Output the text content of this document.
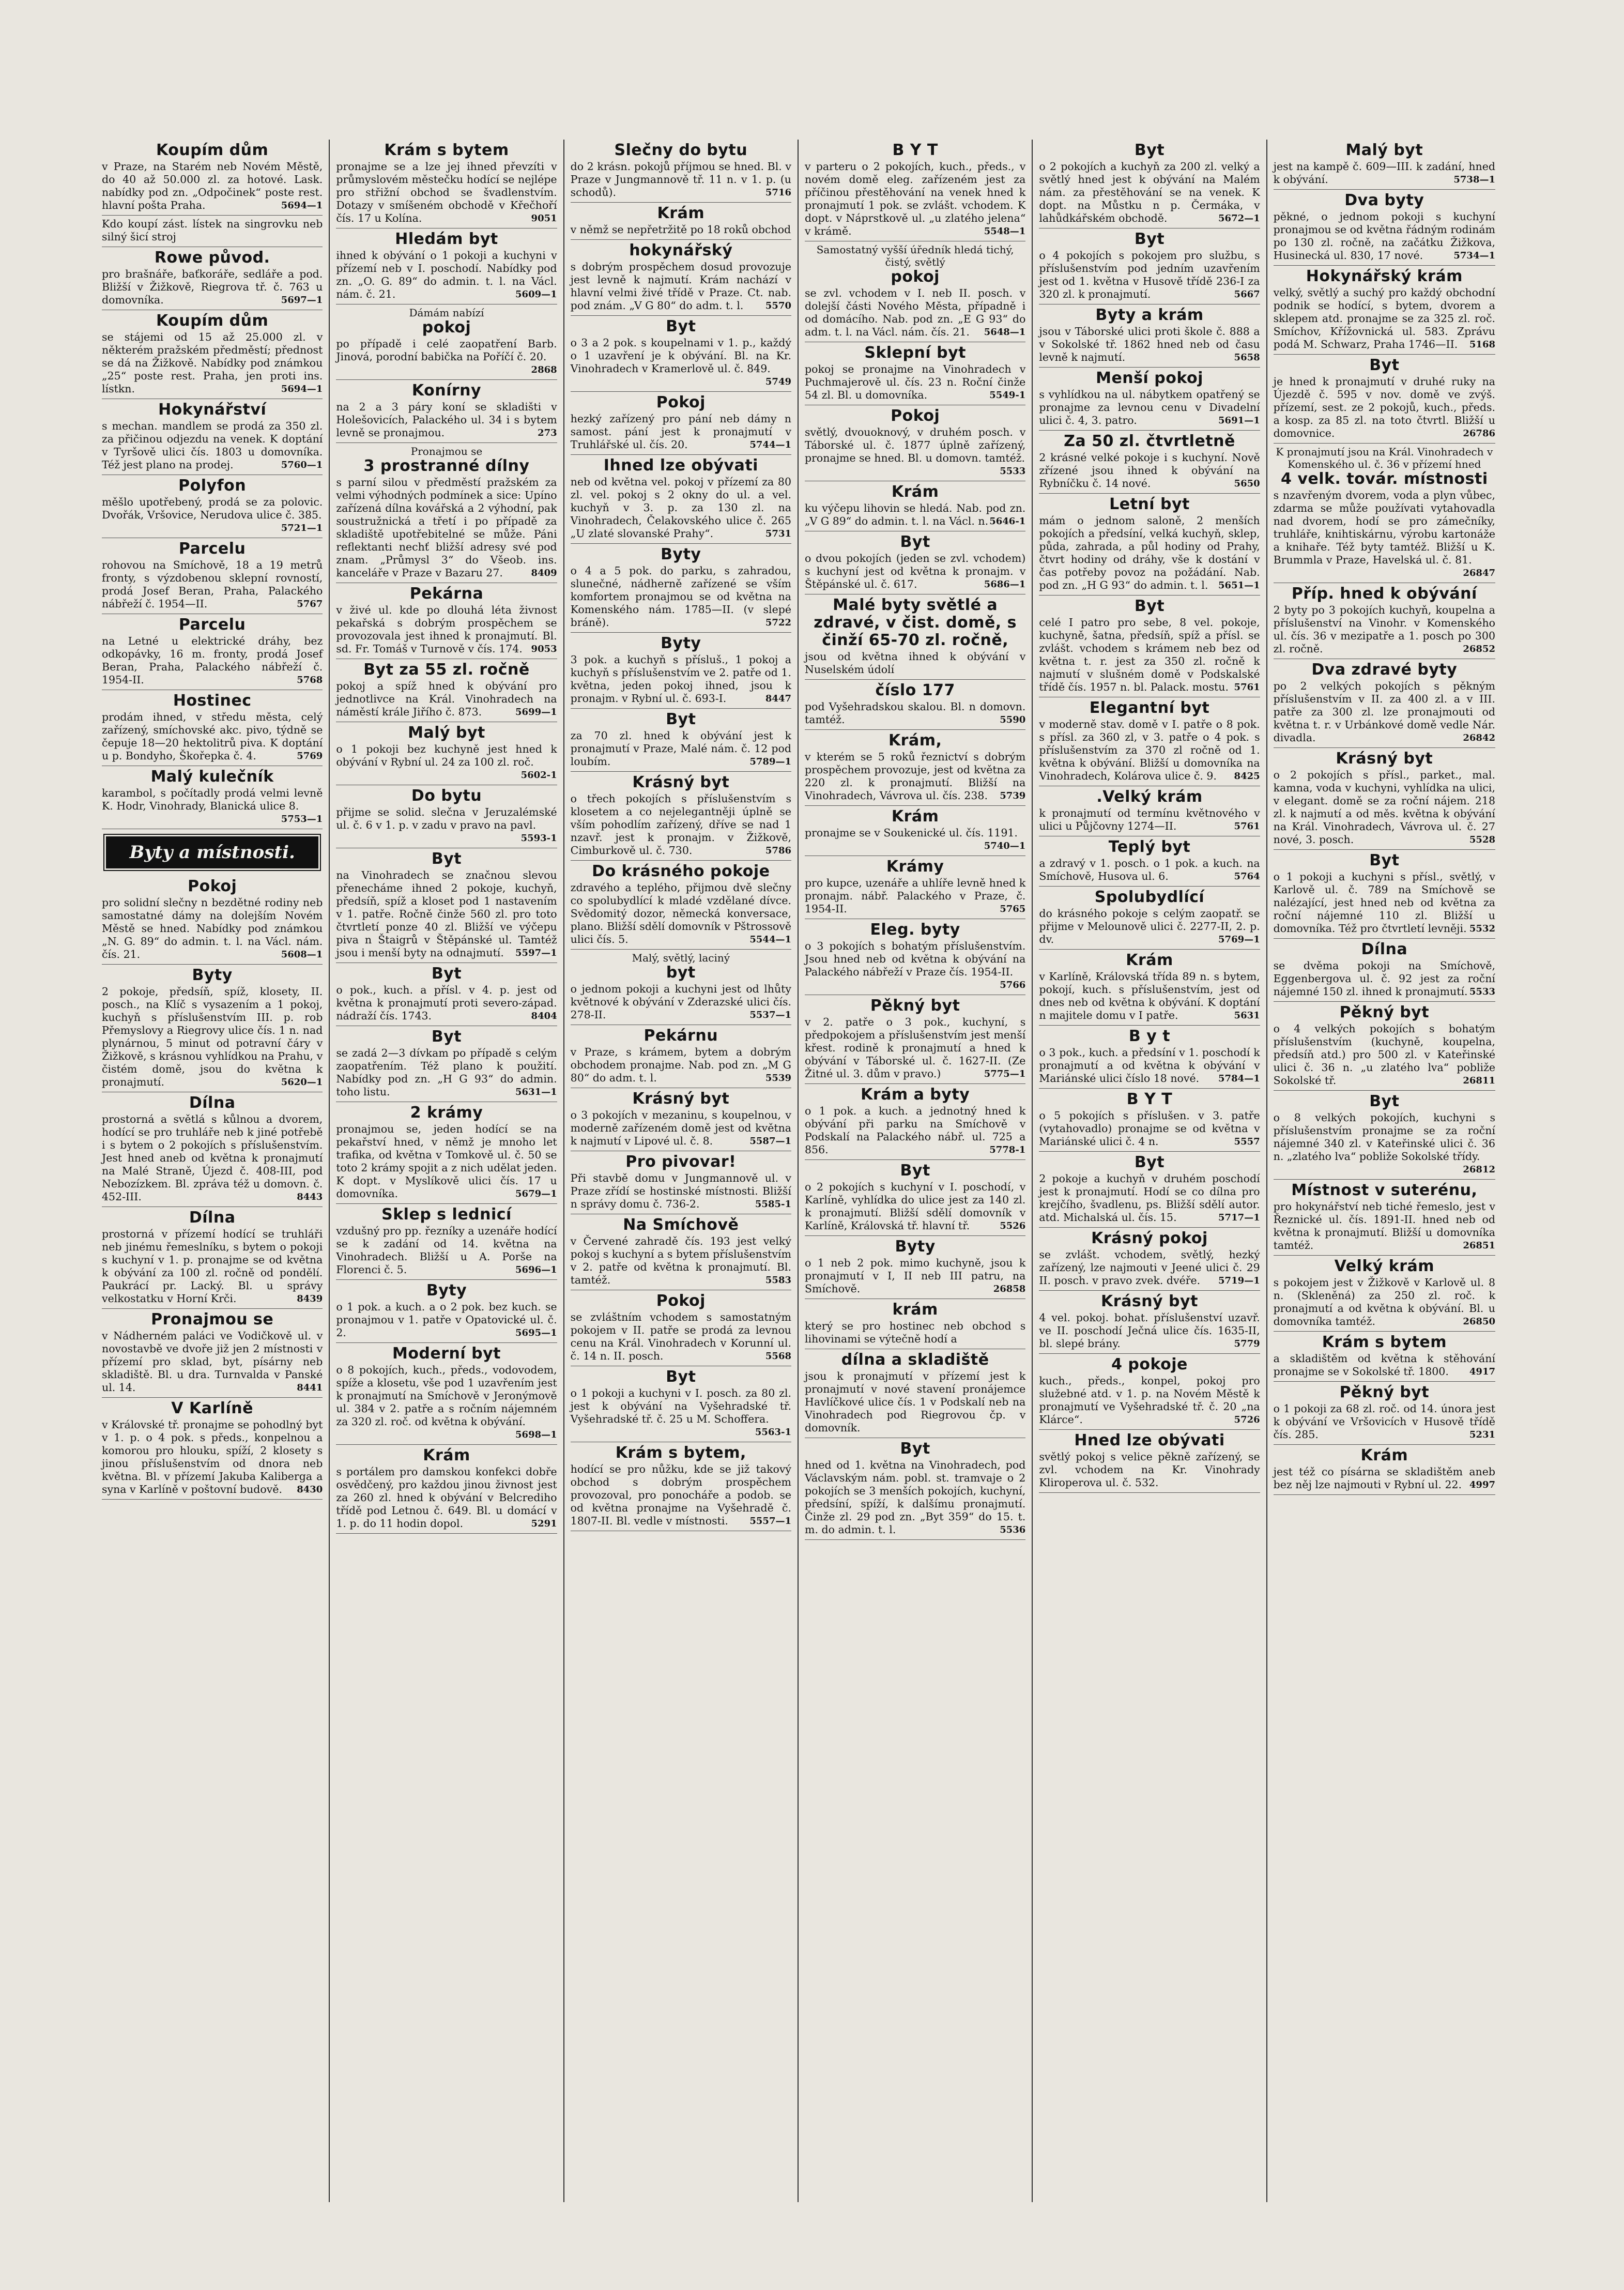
Koupím dům

v Praze, na Starém neb Novém Městě, do 40 až 50.000 zl. za hotové. Lask. nabídky pod zn. „Odpočinek“ poste rest. hlavní pošta Praha.	5694—1

Kdo koupí zást. lístek na singrovku neb silný šicí stroj

Rowe původ.

pro brašnáře, baťkoráře, sedláře a pod. Bližší v Žižkově, Riegrova tř. č. 763 u domovníka.	5697—1

Koupím dům

se stájemi od 15 až 25.000 zl. v některém pražském předměstí; přednost se dá na Žižkově. Nabídky pod známkou „25“ poste rest. Praha, jen proti ins. lístkn.	5694—1

Hokynářství

s mechan. mandlem se prodá za 350 zl. za přičinou odjezdu na venek. K doptání v Tyršově ulici čís. 1803 u domovníka. Též jest plano na prodej.	5760—1

Polyfon

měšlo upotřebený, prodá se za polovic. Dvořák, Vršovice, Nerudova ulice č. 385.
5721—1

Parcelu

rohovou na Smíchově, 18 a 19 metrů fronty, s výzdobenou sklepní rovností, prodá Josef Beran, Praha, Palackého nábřeží č. 1954—II.	5767

Parcelu

na Letné u elektrické dráhy, bez odkopávky, 16 m. fronty, prodá Josef Beran, Praha, Palackého nábřeží č. 1954-II.	5768

Hostinec

prodám ihned, v středu města, celý zařízený, smíchovské akc. pivo, týdně se čepuje 18—20 hektolitrů piva. K doptání u p. Bondyho, Škořepka č. 4.	5769

Malý kulečník

karambol, s počítadly prodá velmi levně K. Hodr, Vinohrady, Blanická ulice 8.
5753—1

Byty a místnosti.
Pokoj

pro solidní slečny n bezdětné rodiny neb samostatné dámy na dolejším Novém Městě se hned. Nabídky pod známkou „N. G. 89“ do admin. t. l. na Václ. nám. čís. 21.	5608—1

Byty

2 pokoje, předsíň, spíž, klosety, II. posch., na Klíč s vysazením a 1 pokoj, kuchyň s příslušenstvím III. p. rob Přemyslovy a Riegrovy ulice čís. 1 n. nad plynárnou, 5 minut od potravní čáry v Žižkově, s krásnou vyhlídkou na Prahu, v čistém domě, jsou do května k pronajmutí.	5620—1

Dílna

prostorná a světlá s kůlnou a dvorem, hodící se pro truhláře neb k jiné potřebě i s bytem o 2 pokojích s příslušenstvím. Jest hned aneb od května k pronajmutí na Malé Straně, Újezd č. 408-III, pod Nebozízkem. Bl. zpráva též u domovn. č. 452-III.	8443

Dílna

prostorná v přízemí hodící se truhláři neb jinému řemeslníku, s bytem o pokoji s kuchyní v 1. p. pronajme se od května k obývání za 100 zl. ročně od pondělí. Paukrácí pr. Lacký. Bl. u správy velkostatku v Horní Krči.	8439

Pronajmou se

v Nádherném paláci ve Vodičkově ul. v novostavbě ve dvoře již jen 2 místnosti v přízemí pro sklad, byt, písárny neb skladiště. Bl. u dra. Turnvalda v Panské ul. 14.	8441

V Karlíně

v Královské tř. pronajme se pohodlný byt v 1. p. o 4 pok. s předs., konpelnou a komorou pro hlouku, spíží, 2 klosety s jinou příslušenstvím od dnora neb května. Bl. v přízemí Jakuba Kaliberga a syna v Karlíně v poštovní budově. 8430

Krám s bytem

pronajme se a lze jej ihned převzíti v průmyslovém městečku hodící se nejlépe pro střižní obchod se švadlenstvím. Dotazy v smíšeném obchodě v Křečhoří čís. 17 u Kolína.	9051

Hledám byt

ihned k obývání o 1 pokoji a kuchyni v přízemí neb v I. poschodí. Nabídky pod zn. „O. G. 89“ do admin. t. l. na Václ. nám. č. 21.	5609—1

Dámám nabízí

pokoj

po případě i celé zaopatření Barb. Jinová, porodní babička na Poříčí č. 20.
2868

Konírny

na 2 a 3 páry koní se skladišti v Holešovicích, Palackého ul. 34 i s bytem levně se pronajmou.	273

Pronajmou se

3 prostranné dílny

s parní silou v předměstí pražském za velmi výhodných podmínek a sice: Upíno zařízená dílna kovářská a 2 výhodní, pak soustružnická a třetí i po případě za skladiště upotřebitelné se může. Páni reflektanti nechť bližší adresy své pod znam. „Průmysl 3“ do Všeob. ins. kanceláře v Praze v Bazaru 27.	8409

Pekárna

v živé ul. kde po dlouhá léta živnost pekařská s dobrým prospěchem se provozovala jest ihned k pronajmutí. Bl. sd. Fr. Tomáš v Turnově v čís. 174. 9053

Byt za 55 zl. ročně

pokoj a spíž hned k obývání pro jednotlivce na Král. Vinohradech na náměstí krále Jiřího č. 873.	5699—1

Malý byt

o 1 pokoji bez kuchyně jest hned k obývání v Rybní ul. 24 za 100 zl. roč.
5602-1

Do bytu

přijme se solid. slečna v Jeruzalémské ul. č. 6 v 1. p. v zadu v pravo na pavl.
5593-1

Byt

na Vinohradech se značnou slevou přenecháme ihned 2 pokoje, kuchyň, předsíň, spíž a kloset pod 1 nastavením v 1. patře. Ročně činže 560 zl. pro toto čtvrtletí ponze 40 zl. Bližší ve výčepu piva n Štaigrů v Štěpánské ul. Tamtéž jsou i menší byty na odnajmutí. 5597—1

Byt

o pok., kuch. a přísl. v 4. p. jest od května k pronajmutí proti severo-západ. nádraží čís. 1743.	8404

Byt

se zadá 2—3 dívkam po případě s celým zaopatřením. Též plano k použití. Nabídky pod zn. „H G 93“ do admin. toho listu.	5631—1

2 krámy

pronajmou se, jeden hodící se na pekařství hned, v němž je mnoho let trafika, od května v Tomkově ul. č. 50 se toto 2 krámy spojit a z nich udělat jeden. K dopt. v Myslíkově ulici čís. 17 u domovníka.	5679—1

Sklep s lednicí

vzdušný pro pp. řezníky a uzenáře hodící se k zadání od 14. května na Vinohradech. Bližší u A. Porše na Florenci č. 5.	5696—1

Byty

o 1 pok. a kuch. a o 2 pok. bez kuch. se pronajmou v 1. patře v Opatovické ul. č. 2.	5695—1

Moderní byt

o 8 pokojích, kuch., předs., vodovodem, spíže a klosetu, vše pod 1 uzavřením jest k pronajmutí na Smíchově v Jeronýmově ul. 384 v 2. patře a s ročním nájemném za 320 zl. roč. od května k obývání.
5698—1

Krám

s portálem pro damskou konfekci dobře osvědčený, pro každou jinou živnost jest za 260 zl. hned k obývání v Belcrediho třídě pod Letnou č. 649. Bl. u domácí v 1. p. do 11 hodin dopol.	5291

Slečny do bytu

do 2 krásn. pokojů příjmou se hned. Bl. v Praze v Jungmannově tř. 11 n. v 1. p. (u schodů).	5716

Krám

v němž se nepřetržitě po 18 roků obchod

hokynářský

s dobrým prospěchem dosud provozuje jest levně k najmutí. Krám nachází v hlavní velmi živé třídě v Praze. Ct. nab. pod znám. „V G 80“ do adm. t. l. 5570

Byt

o 3 a 2 pok. s koupelnami v 1. p., každý o 1 uzavření je k obývání. Bl. na Kr. Vinohradech v Kramerlově ul. č. 849.
5749

Pokoj

hezký zařízený pro pání neb dámy n samost. pání jest k pronajmutí v Truhlářské ul. čís. 20.	5744—1

Ihned lze obývati

neb od května vel. pokoj v přízemí za 80 zl. vel. pokoj s 2 okny do ul. a vel. kuchyň v 3. p. za 130 zl. na Vinohradech, Čelakovského ulice č. 265 „U zlaté slovanské Prahy“.	5731

Byty

o 4 a 5 pok. do parku, s zahradou, slunečné, nádherně zařízené se vším komfortem pronajmou se od května na Komenského nám. 1785—II. (v slepé bráně).	5722

Byty

3 pok. a kuchyň s přísluš., 1 pokoj a kuchyň s příslušenstvím ve 2. patře od 1. května, jeden pokoj ihned, jsou k pronajm. v Rybní ul. č. 693-I.	8447

Byt

za 70 zl. hned k obývání jest k pronajmutí v Praze, Malé nám. č. 12 pod loubím.	5789—1

Krásný byt

o třech pokojích s příslušenstvím s klosetem a co nejelegantněji úplně se vším pohodlím zařízený, dříve se nad 1 nzavř. jest k pronajm. v Žižkově, Cimburkově ul. č. 730.	5786

Do krásného pokoje

zdravého a teplého, přijmou dvě slečny co spolubydlící k mladé vzdělané dívce. Svědomitý dozor, německá konversace, plano. Bližší sdělí domovník v Pštrossově ulici čís. 5.	5544—1

Malý, světlý, laciný

byt

o jednom pokoji a kuchyni jest od lhůty květnové k obývání v Zderazské ulici čís. 278-II.	5537—1

Pekárnu

v Praze, s krámem, bytem a dobrým obchodem pronajme. Nab. pod zn. „M G 80“ do adm. t. l.	5539

Krásný byt

o 3 pokojích v mezaninu, s koupelnou, v moderně zařízeném domě jest od května k najmutí v Lipové ul. č. 8.	5587—1

Pro pivovar!

Při stavbě domu v Jungmannově ul. v Praze zřídí se hostinské místnosti. Bližší n správy domu č. 736-2.	5585-1

Na Smíchově

v Červené zahradě čís. 193 jest velký pokoj s kuchyní a s bytem příslušenstvím v 2. patře od května k pronajmutí. Bl. tamtéž.	5583

Pokoj

se zvláštním vchodem s samostatným pokojem v II. patře se prodá za levnou cenu na Král. Vinohradech v Korunní ul. č. 14 n. II. posch.	5568

Byt

o 1 pokoji a kuchyni v I. posch. za 80 zl. jest k obývání na Vyšehradské tř. Vyšehradské tř. č. 25 u M. Schoffera.
5563-1

Krám s bytem,

hodící se pro nůžku, kde se již takový obchod s dobrým prospěchem provozoval, pro ponocháře a podob. se od května pronajme na Vyšehradě č. 1807-II. Bl. vedle v místnosti. 5557—1

B Y T

v parteru o 2 pokojích, kuch., předs., v novém domě eleg. zařízeném jest za příčinou přestěhování na venek hned k pronajmutí 1 pok. se zvlášt. vchodem. K dopt. v Náprstkově ul. „u zlatého jelena“ v krámě.	5548—1

Samostatný vyšší úředník hledá tichý, čistý, světlý

pokoj

se zvl. vchodem v I. neb II. posch. v dolejší části Nového Města, případně i od domácího. Nab. pod zn. „E G 93“ do adm. t. l. na Václ. nám. čís. 21. 5648—1

Sklepní byt

pokoj se pronajme na Vinohradech v Puchmajerově ul. čís. 23 n. Roční činže 54 zl. Bl. u domovníka.	5549-1

Pokoj

světlý, dvouoknový, v druhém posch. v Táborské ul. č. 1877 úplně zařízený, pronajme se hned. Bl. u domovn. tamtéž.
5533

Krám

ku výčepu lihovin se hledá. Nab. pod zn. „V G 89“ do admin. t. l. na Václ. n. 5646-1

Byt

o dvou pokojích (jeden se zvl. vchodem) s kuchyní jest od května k pronajm. v Štěpánské ul. č. 617.	5686—1

Malé byty světlé a zdravé, v čist. domě, s činží 65-70 zl. ročně,

jsou od května ihned k obývání v Nuselském údolí

číslo 177

pod Vyšehradskou skalou. Bl. n domovn. tamtéž.	5590

Krám,

v kterém se 5 roků řeznictví s dobrým prospěchem provozuje, jest od května za 220 zl. k pronajmutí. Bližší na Vinohradech, Vávrova ul. čís. 238. 5739

Krám

pronajme se v Soukenické ul. čís. 1191.
5740—1

Krámy

pro kupce, uzenáře a uhlíře levně hned k pronajm. nábř. Palackého v Praze, č. 1954-II.	5765

Eleg. byty

o 3 pokojích s bohatým příslušenstvím. Jsou hned neb od května k obývání na Palackého nábřeží v Praze čís. 1954-II.
5766

Pěkný byt

v 2. patře o 3 pok., kuchyní, s předpokojem a příslušenstvím jest menší křest. rodině k pronajmutí a hned k obývání v Táborské ul. č. 1627-II. (Ze Žitné ul. 3. dům v pravo.)	5775—1

Krám a byty

o 1 pok. a kuch. a jednotný hned k obývání při parku na Smíchově v Podskalí na Palackého nábř. ul. 725 a 856.	5778-1

Byt

o 2 pokojích s kuchyní v I. poschodí, v Karlíně, vyhlídka do ulice jest za 140 zl. k pronajmutí. Bližší sdělí domovník v Karlíně, Královská tř. hlavní tř.	5526

Byty

o 1 neb 2 pok. mimo kuchyně, jsou k pronajmutí v I, II neb III patru, na Smíchově.	26858

krám

který se pro hostinec neb obchod s lihovinami se výtečně hodí a

dílna a skladiště

jsou k pronajmutí v přízemí jest k pronajmutí v nové stavení pronájemce Havlíčkové ulice čís. 1 v Podskalí neb na Vinohradech pod Riegrovou čp. v domovník.

Byt

hned od 1. května na Vinohradech, pod Václavským nám. pobl. st. tramvaje o 2 pokojích se 3 menších pokojích, kuchyní, předsíní, spíží, k dalšímu pronajmutí. Činže zl. 29 pod zn. „Byt 359“ do 15. t. m. do admin. t. l.	5536

Byt

o 2 pokojích a kuchyň za 200 zl. velký a světlý hned jest k obývání na Malém nám. za přestěhování se na venek. K dopt. na Můstku n p. Čermáka, v lahůdkářském obchodě.	5672—1

Byt

o 4 pokojích s pokojem pro službu, s příslušenstvím pod jedním uzavřením jest od 1. května v Husově třídě 236-I za 320 zl. k pronajmutí.	5667

Byty a krám

jsou v Táborské ulici proti škole č. 888 a v Sokolské tř. 1862 hned neb od času levně k najmutí.	5658

Menší pokoj

s vyhlídkou na ul. nábytkem opatřený se pronajme za levnou cenu v Divadelní ulici č. 4, 3. patro.	5691—1

Za 50 zl. čtvrtletně

2 krásné velké pokoje i s kuchyní. Nově zřízené jsou ihned k obývání na Rybníčku č. 14 nové.	5650

Letní byt

mám o jednom saloně, 2 menších pokojích a předsíní, velká kuchyň, sklep, půda, zahrada, a půl hodiny od Prahy, čtvrt hodiny od dráhy, vše k dostání v čas potřeby povoz na požádání. Nab. pod zn. „H G 93“ do admin. t. l. 5651—1

Byt

celé I patro pro sebe, 8 vel. pokoje, kuchyně, šatna, předsíň, spíž a přísl. se zvlášt. vchodem s krámem neb bez od května t. r. jest za 350 zl. ročně k najmutí v slušném domě v Podskalské třídě čís. 1957 n. bl. Palack. mostu. 5761

Elegantní byt

v moderně stav. domě v I. patře o 8 pok. s přísl. za 360 zl, v 3. patře o 4 pok. s příslušenstvím za 370 zl ročně od 1. května k obývání. Bližší u domovníka na Vinohradech, Kolárova ulice č. 9. 8425

.Velký krám

k pronajmutí od termínu květnového v ulici u Půjčovny 1274—II.	5761

Teplý byt

a zdravý v 1. posch. o 1 pok. a kuch. na Smíchově, Husova ul. 6.	5764

Spolubydlící

do krásného pokoje s celým zaopatř. se přijme v Melounově ulici č. 2277-II, 2. p. dv.	5769—1

Krám

v Karlíně, Královská třída 89 n. s bytem, pokojí, kuch. s příslušenstvím, jest od dnes neb od května k obývání. K doptání n majitele domu v I patře.	5631

B y t

o 3 pok., kuch. a předsíní v 1. poschodí k pronajmutí a od května k obývání v Mariánské ulici číslo 18 nové. 5784—1

B Y T

o 5 pokojích s příslušen. v 3. patře (vytahovadlo) pronajme se od května v Mariánské ulici č. 4 n.	5557

Byt

2 pokoje a kuchyň v druhém poschodí jest k pronajmutí. Hodí se co dílna pro krejčího, švadlenu, ps. Bližší sdělí autor. atd. Michalská ul. čís. 15.	5717—1

Krásný pokoj

se zvlášt. vchodem, světlý, hezký zařízený, lze najmouti v Jeené ulici č. 29 II. posch. v pravo zvek. dvéře. 5719—1

Krásný byt

4 vel. pokoj. bohat. příslušenství uzavř. ve II. poschodí Ječná ulice čís. 1635-II, bl. slepé brány.	5779

4 pokoje

kuch., předs., konpel, pokoj pro služebné atd. v 1. p. na Novém Městě k pronajmutí ve Vyšehradské tř. č. 20 „na Klárce“.	5726

Hned lze obývati

světlý pokoj s velice pěkně zařízený, se zvl. vchodem na Kr. Vinohrady Kliroperova ul. č. 532.

Malý byt

jest na kampě č. 609—III. k zadání, hned k obývání.	5738—1

Dva byty

pěkné, o jednom pokoji s kuchyní pronajmou se od května řádným rodinám po 130 zl. ročně, na začátku Žižkova, Husinecká ul. 830, 17 nové.	5734—1

Hokynářský krám

velký, světlý a suchý pro každý obchodní podnik se hodící, s bytem, dvorem a sklepem atd. pronajme se za 325 zl. roč. Smíchov, Křížovnická ul. 583. Zprávu podá M. Schwarz, Praha 1746—II. 5168

Byt

je hned k pronajmutí v druhé ruky na Újezdě č. 595 v nov. domě ve zvýš. přízemí, sest. ze 2 pokojů, kuch., předs. a kosp. za 85 zl. na toto čtvrtl. Bližší u domovnice.	26786

K pronajmutí jsou na Král. Vinohradech v Komenského ul. č. 36 v přízemí hned

4 velk. továr. místnosti

s nzavřeným dvorem, voda a plyn vůbec, zdarma se může používati vytahovadla nad dvorem, hodí se pro zámečníky, truhláře, knihtiskárnu, výrobu kartonáže a knihaře. Též byty tamtéž. Bližší u K. Brummla v Praze, Havelská ul. č. 81.
26847

Příp. hned k obývání

2 byty po 3 pokojích kuchyň, koupelna a příslušenství na Vinohr. v Komenského ul. čís. 36 v mezipatře a 1. posch po 300 zl. ročně.	26852

Dva zdravé byty

po 2 velkých pokojích s pěkným příslušenstvím v II. za 400 zl. a v III. patře za 300 zl. lze pronajmouti od května t. r. v Urbánkové domě vedle Nár. divadla.	26842

Krásný byt

o 2 pokojích s přísl., parket., mal. kamna, voda v kuchyni, vyhlídka na ulici, v elegant. domě se za roční nájem. 218 zl. k najmutí a od měs. května k obývání na Král. Vinohradech, Vávrova ul. č. 27 nové, 3. posch.	5528

Byt

o 1 pokoji a kuchyni s přísl., světlý, v Karlově ul. č. 789 na Smíchově se nalézající, jest hned neb od května za roční nájemné 110 zl. Bližší u domovníka. Též pro čtvrtletí levněji. 5532

Dílna

se dvěma pokoji na Smíchově, Eggenbergova ul. č. 92 jest za roční nájemné 150 zl. ihned k pronajmutí. 5533

Pěkný byt

o 4 velkých pokojích s bohatým příslušenstvím (kuchyně, koupelna, předsíň atd.) pro 500 zl. v Kateřinské ulici č. 36 n. „u zlatého lva“ pobliže Sokolské tř.	26811

Byt

o 8 velkých pokojích, kuchyni s příslušenstvím pronajme se za roční nájemné 340 zl. v Kateřinské ulici č. 36 n. „zlatého lva“ pobliže Sokolské třídy.
26812

Místnost v suterénu,

pro hokynářství neb tiché řemeslo, jest v Řeznické ul. čís. 1891-II. hned neb od května k pronajmutí. Bližší u domovníka tamtéž.	26851

Velký krám

s pokojem jest v Žižkově v Karlově ul. 8 n. (Skleněná) za 250 zl. roč. k pronajmutí a od května k obývání. Bl. u domovníka tamtéž.	26850

Krám s bytem

a skladištěm od května k stěhování pronajme se v Sokolské tř. 1800. 4917

Pěkný byt

o 1 pokoji za 68 zl. roč. od 14. února jest k obývání ve Vršovicích v Husově třídě čís. 285.	5231

Krám

jest též co písárna se skladištěm aneb bez něj lze najmouti v Rybní ul. 22. 4997
